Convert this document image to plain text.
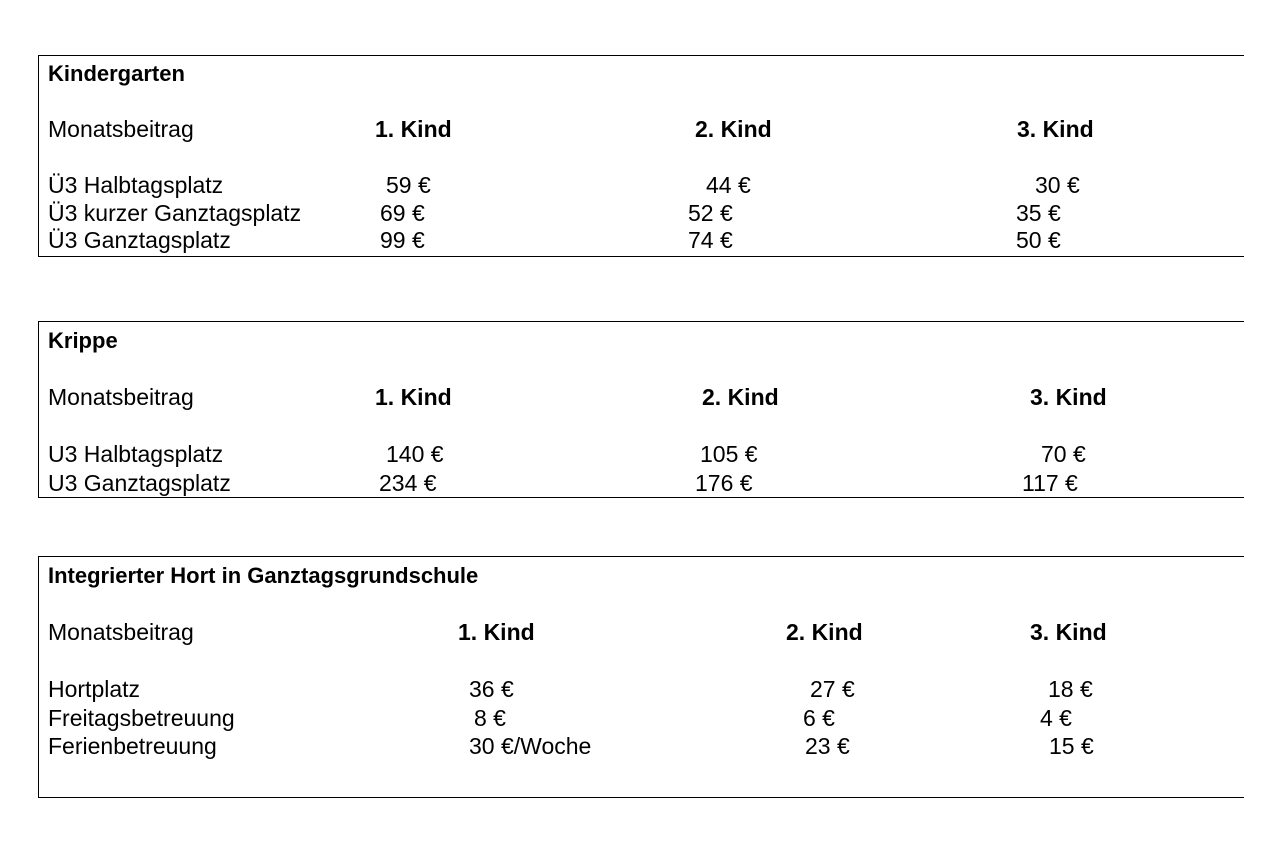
Kindergarten
Monatsbeitrag	1. Kind	2. Kind	3. Kind
Ü3 Halbtagsplatz	59 €	44 €	30 €
Ü3 kurzer Ganztagsplatz	69 €	52 €	35 €
Ü3 Ganztagsplatz	99 €	74 €	50 €
Krippe
Monatsbeitrag	1. Kind	2. Kind	3. Kind
U3 Halbtagsplatz	140 €	105 €	70 €
U3 Ganztagsplatz	234 €	176 €	117 €
Integrierter Hort in Ganztagsgrundschule
Monatsbeitrag	1. Kind	2. Kind	3. Kind
Hortplatz	36 €	27 €	18 €
Freitagsbetreuung	8 €	6 €	4 €
Ferienbetreuung	30 €/Woche	23 €	15 €
